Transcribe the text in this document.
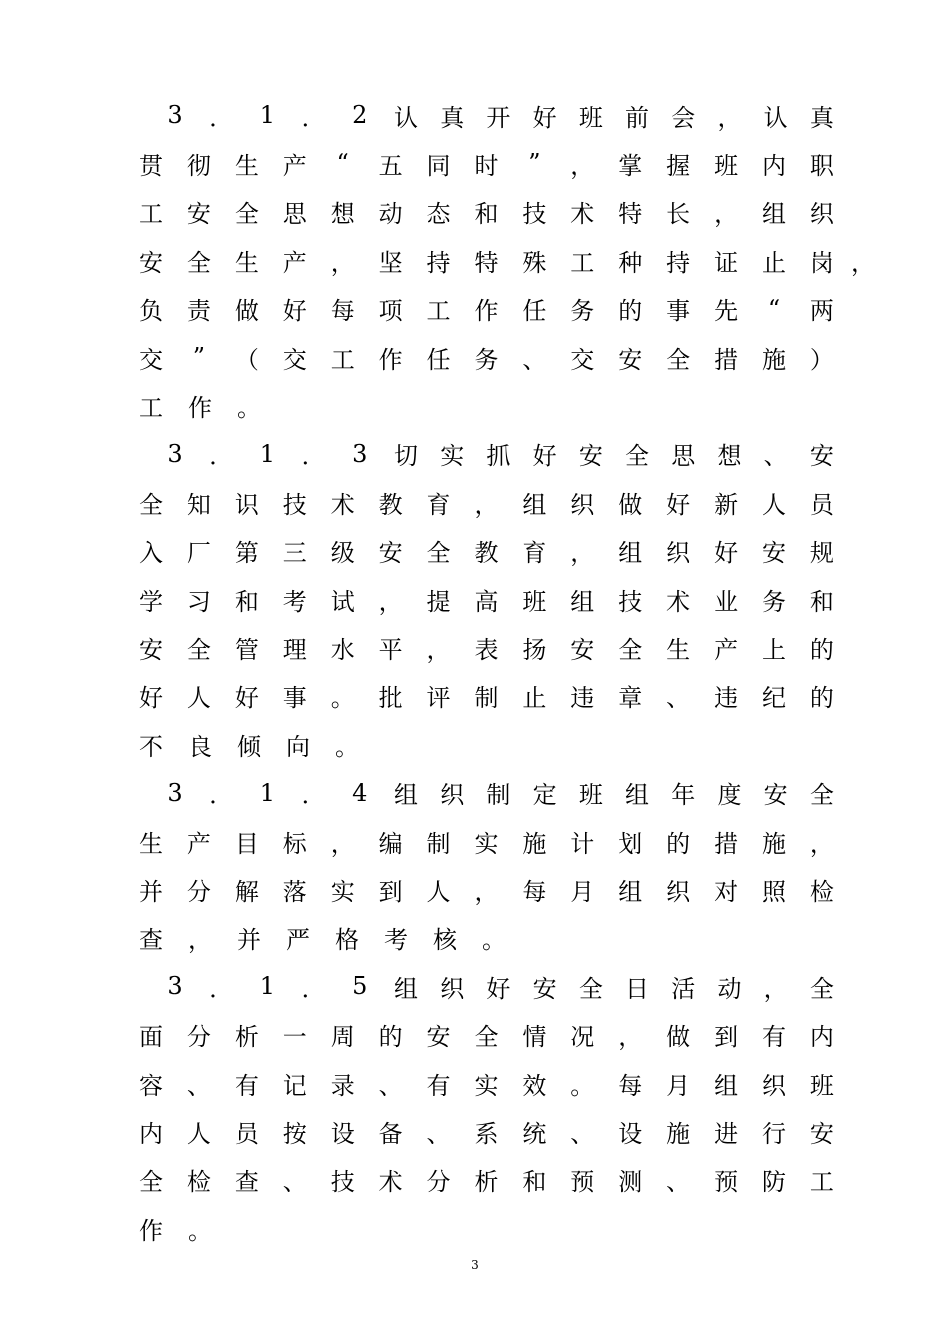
3 ． 1 ． 2 认 真 开 好 班 前 会 ， 认 真
贯 彻 生 产 “ 五 同 时 ” ， 掌 握 班 内 职
工 安 全 思 想 动 态 和 技 术 特 长 ， 组 织
安 全 生 产 ， 坚 持 特 殊 工 种 持 证 止 岗 ，
负 责 做 好 每 项 工 作 任 务 的 事 先 “ 两
交 ” （ 交 工 作 任 务 、 交 安 全 措 施 ）
工 作 。
3 ． 1 ． 3 切 实 抓 好 安 全 思 想 、 安
全 知 识 技 术 教 育 ， 组 织 做 好 新 人 员
入 厂 第 三 级 安 全 教 育 ， 组 织 好 安 规
学 习 和 考 试 ， 提 高 班 组 技 术 业 务 和
安 全 管 理 水 平 ， 表 扬 安 全 生 产 上 的
好 人 好 事 。 批 评 制 止 违 章 、 违 纪 的
不 良 倾 向 。
3 ． 1 ． 4 组 织 制 定 班 组 年 度 安 全
生 产 目 标 ， 编 制 实 施 计 划 的 措 施 ，
并 分 解 落 实 到 人 ， 每 月 组 织 对 照 检
查 ， 并 严 格 考 核 。
3 ． 1 ． 5 组 织 好 安 全 日 活 动 ， 全
面 分 析 一 周 的 安 全 情 况 ， 做 到 有 内
容 、 有 记 录 、 有 实 效 。 每 月 组 织 班
内 人 员 按 设 备 、 系 统 、 设 施 进 行 安
全 检 查 、 技 术 分 析 和 预 测 、 预 防 工
作 。
3
